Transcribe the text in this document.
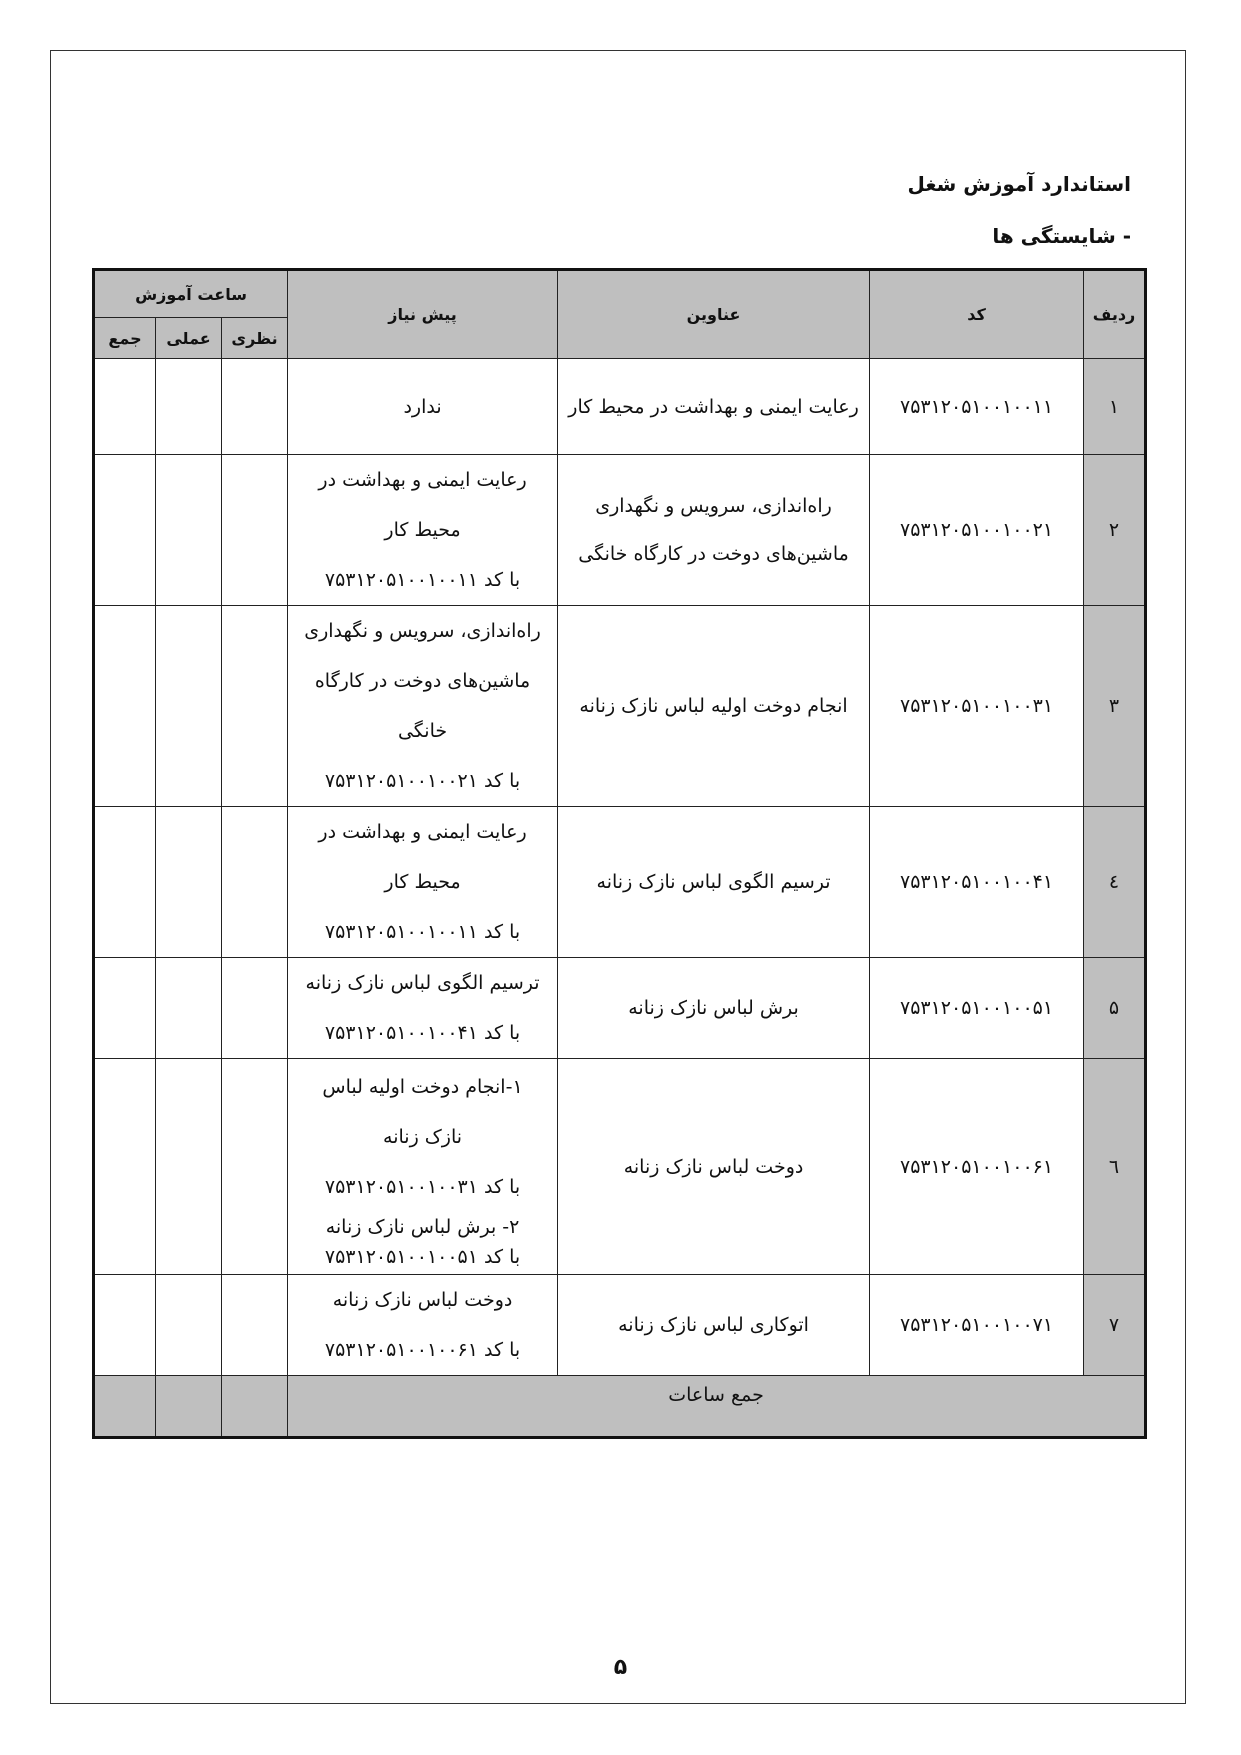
استاندارد آموزش شغل
- شایستگی ها
ردیف	کد	عناوین	پیش نیاز	ساعت آموزش		
				نظری	عملی	جمع
۱	۷۵۳۱۲۰۵۱۰۰۱۰۰۱۱	رعایت ایمنی و بهداشت در محیط کار	ندارد			

۲	۷۵۳۱۲۰۵۱۰۰۱۰۰۲۱	راه‌اندازی، سرویس و نگهداری ماشین‌های دوخت در کارگاه خانگی	رعایت ایمنی و بهداشت در
محیط کار
با کد ۷۵۳۱۲۰۵۱۰۰۱۰۰۱۱			

۳	۷۵۳۱۲۰۵۱۰۰۱۰۰۳۱	انجام دوخت اولیه لباس نازک زنانه	راه‌اندازی، سرویس و نگهداری
ماشین‌های دوخت در کارگاه
خانگی
با کد ۷۵۳۱۲۰۵۱۰۰۱۰۰۲۱			

٤	۷۵۳۱۲۰۵۱۰۰۱۰۰۴۱	ترسیم الگوی لباس نازک زنانه	رعایت ایمنی و بهداشت در
محیط کار
با کد ۷۵۳۱۲۰۵۱۰۰۱۰۰۱۱			

۵	۷۵۳۱۲۰۵۱۰۰۱۰۰۵۱	برش لباس نازک زنانه	ترسیم الگوی لباس نازک زنانه
با کد ۷۵۳۱۲۰۵۱۰۰۱۰۰۴۱			

٦	۷۵۳۱۲۰۵۱۰۰۱۰۰۶۱	دوخت لباس نازک زنانه	۱-انجام دوخت اولیه لباس
نازک زنانه
با کد ۷۵۳۱۲۰۵۱۰۰۱۰۰۳۱
۲- برش لباس نازک زنانه
با کد ۷۵۳۱۲۰۵۱۰۰۱۰۰۵۱			

۷	۷۵۳۱۲۰۵۱۰۰۱۰۰۷۱	اتوکاری لباس نازک زنانه	دوخت لباس نازک زنانه
با کد ۷۵۳۱۲۰۵۱۰۰۱۰۰۶۱			

جمع ساعات						
۵
